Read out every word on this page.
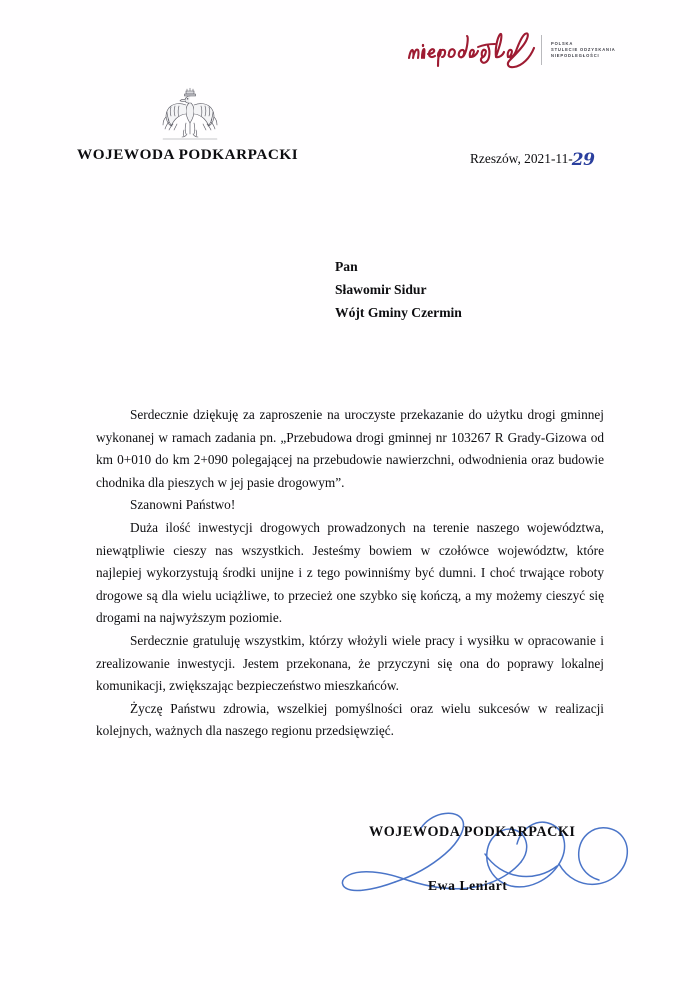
POLSKA
STULECIE ODZYSKANIA
NIEPODLEGŁOŚCI
WOJEWODA PODKARPACKI	Rzeszów, 2021-11-29
Pan
Sławomir Sidur
Wójt Gminy Czermin

Serdecznie dziękuję za zaproszenie na uroczyste przekazanie do użytku drogi gminnej wykonanej w ramach zadania pn. „Przebudowa drogi gminnej nr 103267 R Grady-Gizowa od km 0+010 do km 2+090 polegającej na przebudowie nawierzchni, odwodnienia oraz budowie chodnika dla pieszych w jej pasie drogowym”.

Szanowni Państwo!

Duża ilość inwestycji drogowych prowadzonych na terenie naszego województwa, niewątpliwie cieszy nas wszystkich. Jesteśmy bowiem w czołówce województw, które najlepiej wykorzystują środki unijne i z tego powinniśmy być dumni. I choć trwające roboty drogowe są dla wielu uciążliwe, to przecież one szybko się kończą, a my możemy cieszyć się drogami na najwyższym poziomie.

Serdecznie gratuluję wszystkim, którzy włożyli wiele pracy i wysiłku w opracowanie i zrealizowanie inwestycji. Jestem przekonana, że przyczyni się ona do poprawy lokalnej komunikacji, zwiększając bezpieczeństwo mieszkańców.

Życzę Państwu zdrowia, wszelkiej pomyślności oraz wielu sukcesów w realizacji kolejnych, ważnych dla naszego regionu przedsięwzięć.

WOJEWODA PODKARPACKI
Ewa Leniart
